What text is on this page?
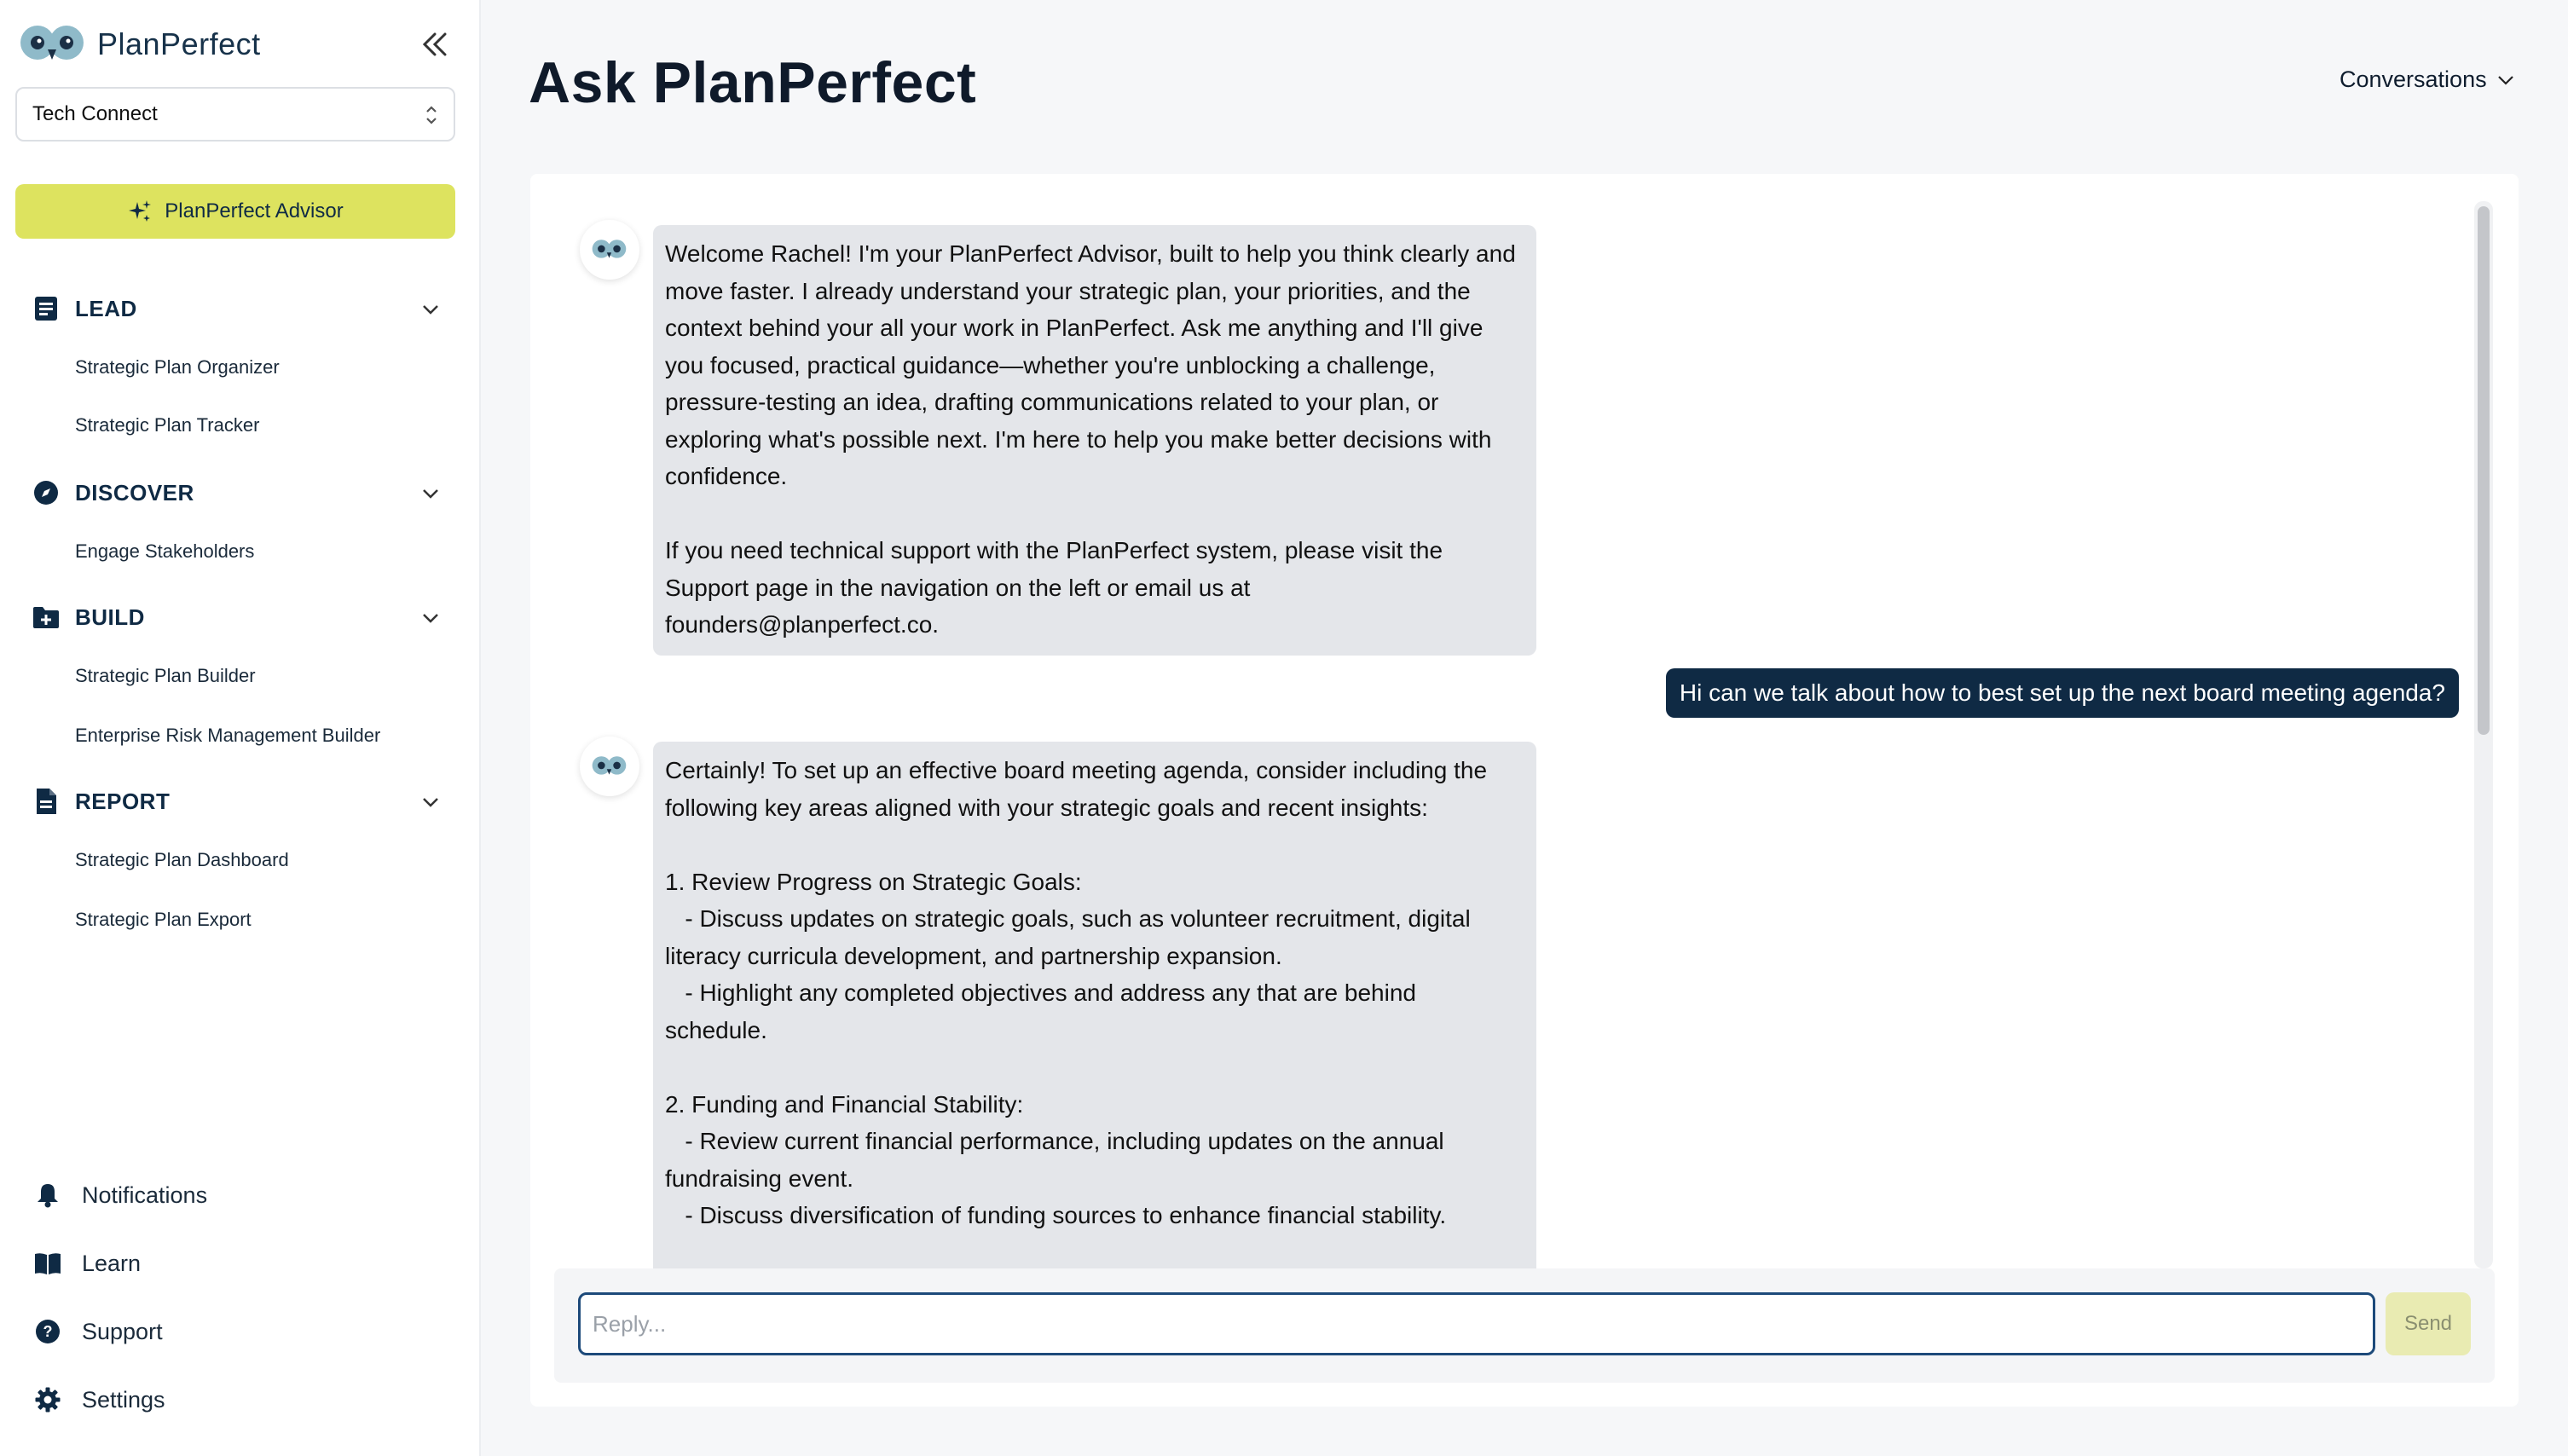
PlanPerfect
Tech Connect
PlanPerfect Advisor
LEAD
Strategic Plan Organizer
Strategic Plan Tracker
DISCOVER
Engage Stakeholders
BUILD
Strategic Plan Builder
Enterprise Risk Management Builder
REPORT
Strategic Plan Dashboard
Strategic Plan Export
Notifications
Learn
? Support
Settings
Ask PlanPerfect	Conversations
Welcome Rachel! I'm your PlanPerfect Advisor, built to help you think clearly and move faster. I already understand your strategic plan, your priorities, and the context behind your all your work in PlanPerfect. Ask me anything and I'll give you focused, practical guidance—whether you're unblocking a challenge, pressure-testing an idea, drafting communications related to your plan, or exploring what's possible next. I'm here to help you make better decisions with confidence.

If you need technical support with the PlanPerfect system, please visit the Support page in the navigation on the left or email us at founders@planperfect.co.
Hi can we talk about how to best set up the next board meeting agenda?
Certainly! To set up an effective board meeting agenda, consider including the following key areas aligned with your strategic goals and recent insights:

1. Review Progress on Strategic Goals:
- Discuss updates on strategic goals, such as volunteer recruitment, digital literacy curricula development, and partnership expansion.
- Highlight any completed objectives and address any that are behind schedule.

2. Funding and Financial Stability:
- Review current financial performance, including updates on the annual fundraising event.
- Discuss diversification of funding sources to enhance financial stability.

Reply...
Send
